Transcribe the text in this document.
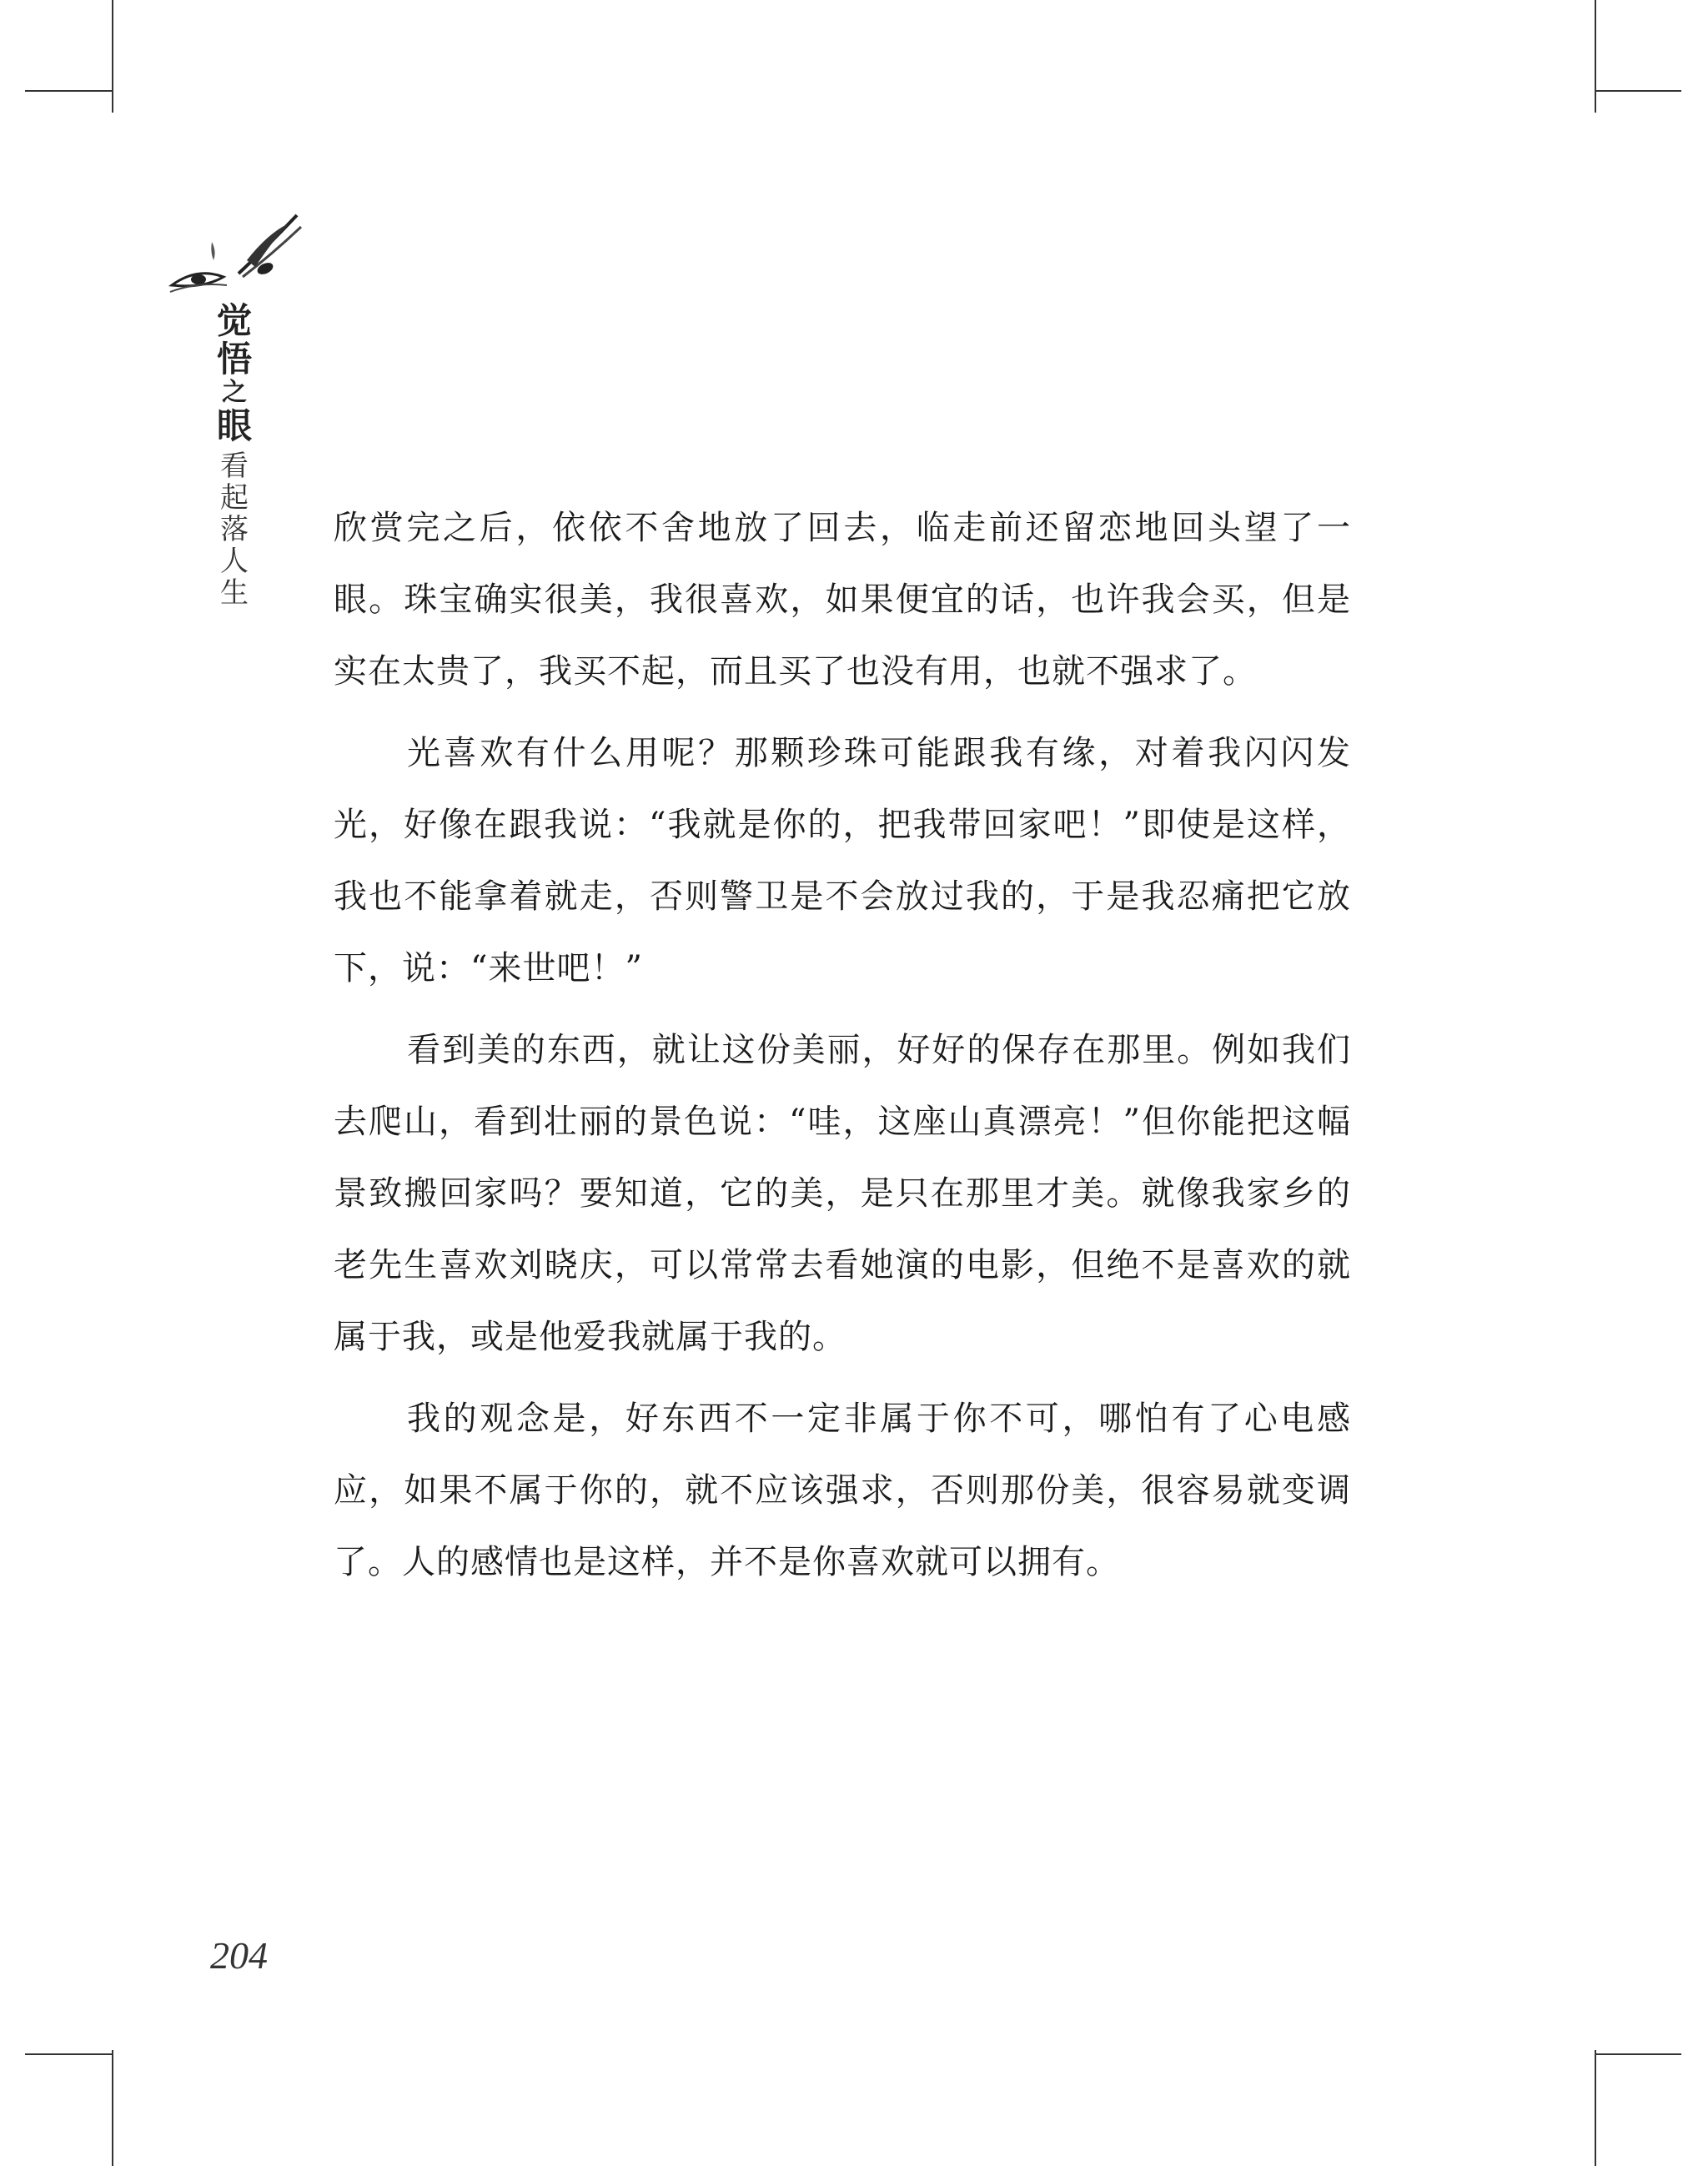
觉
悟
之
眼
看
起
落
人
生

欣赏完之后，依依不舍地放了回去，临走前还留恋地回头望了一眼。珠宝确实很美，我很喜欢，如果便宜的话，也许我会买，但是实在太贵了，我买不起，而且买了也没有用，也就不强求了。

光喜欢有什么用呢？那颗珍珠可能跟我有缘，对着我闪闪发光，好像在跟我说：“我就是你的，把我带回家吧！”即使是这样，我也不能拿着就走，否则警卫是不会放过我的，于是我忍痛把它放下，说：“来世吧！”

看到美的东西，就让这份美丽，好好的保存在那里。例如我们去爬山，看到壮丽的景色说：“哇，这座山真漂亮！”但你能把这幅景致搬回家吗？要知道，它的美，是只在那里才美。就像我家乡的老先生喜欢刘晓庆，可以常常去看她演的电影，但绝不是喜欢的就属于我，或是他爱我就属于我的。

我的观念是，好东西不一定非属于你不可，哪怕有了心电感应，如果不属于你的，就不应该强求，否则那份美，很容易就变调了。人的感情也是这样，并不是你喜欢就可以拥有。

204
